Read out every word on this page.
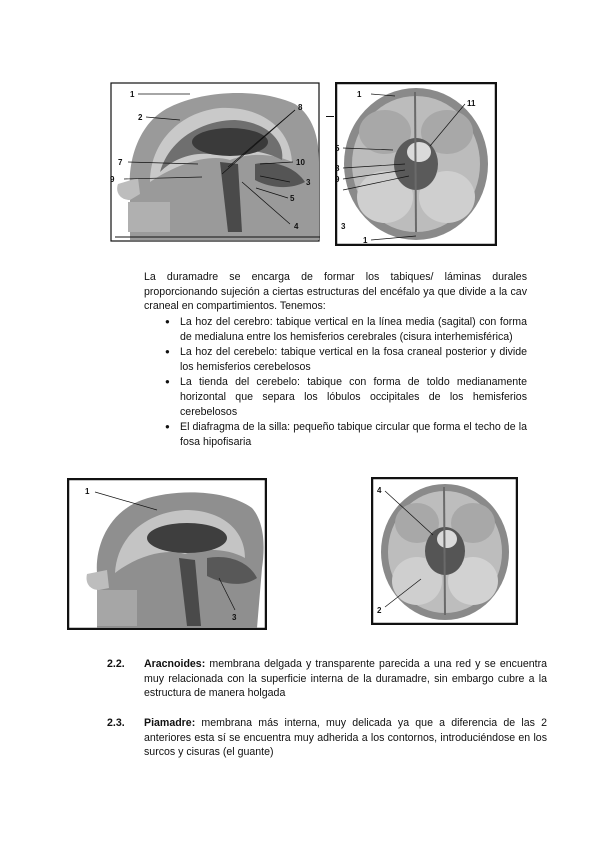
1
2
7
8
9
10
3
5
4
1
11
5
8
9
3
1

La duramadre se encarga de formar los tabiques/ láminas durales proporcionando sujeción a ciertas estructuras del encéfalo ya que divide a la cav craneal en compartimientos. Tenemos:

● La hoz del cerebro: tabique vertical en la línea media (sagital) con forma de medialuna entre los hemisferios cerebrales (cisura interhemisférica)
● La hoz del cerebelo: tabique vertical en la fosa craneal posterior y divide los hemisferios cerebelosos
● La tienda del cerebelo: tabique con forma de toldo medianamente horizontal que separa los lóbulos occipitales de los hemisferios cerebelosos
● El diafragma de la silla: pequeño tabique circular que forma el techo de la fosa hipofisaria
1
3
4
2
2.2. Aracnoides: membrana delgada y transparente parecida a una red y se encuentra muy relacionada con la superficie interna de la duramadre, sin embargo cubre a la estructura de manera holgada
2.3. Piamadre: membrana más interna, muy delicada ya que a diferencia de las 2 anteriores esta sí se encuentra muy adherida a los contornos, introduciéndose en los surcos y cisuras (el guante)
